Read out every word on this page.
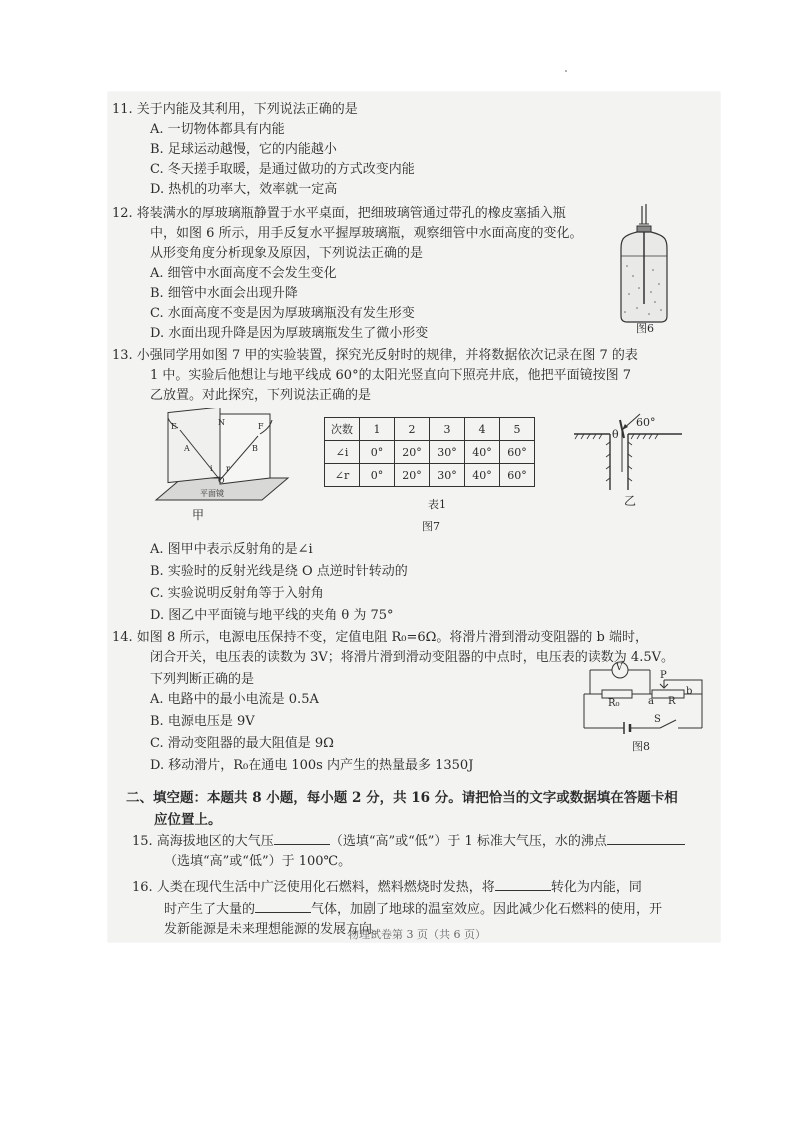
11. 关于内能及其利用，下列说法正确的是
A. 一切物体都具有内能
B. 足球运动越慢，它的内能越小
C. 冬天搓手取暖，是通过做功的方式改变内能
D. 热机的功率大，效率就一定高
12. 将装满水的厚玻璃瓶静置于水平桌面，把细玻璃管通过带孔的橡皮塞插入瓶
中，如图 6 所示，用手反复水平握厚玻璃瓶，观察细管中水面高度的变化。
从形变角度分析现象及原因，下列说法正确的是
A. 细管中水面高度不会发生变化
B. 细管中水面会出现升降
C. 水面高度不变是因为厚玻璃瓶没有发生形变
D. 水面出现升降是因为厚玻璃瓶发生了微小形变	图6
13. 小强同学用如图 7 甲的实验装置，探究光反射时的规律，并将数据依次记录在图 7 的表
1 中。实验后他想让与地平线成 60°的太阳光竖直向下照亮井底，他把平面镜按图 7
乙放置。对此探究，下列说法正确的是
E	N	F
A	B
O
i r
平面镜
甲
次数	1	2	3	4	5
∠i	0°	20°	30°	40°	60°
∠r	0°	20°	30°	40°	60°
表1
图7
60°
θ
乙
A. 图甲中表示反射角的是∠i
B. 实验时的反射光线是绕 O 点逆时针转动的
C. 实验说明反射角等于入射角
D. 图乙中平面镜与地平线的夹角 θ 为 75°
14. 如图 8 所示，电源电压保持不变，定值电阻 R₀=6Ω。将滑片滑到滑动变阻器的 b 端时，
闭合开关，电压表的读数为 3V；将滑片滑到滑动变阻器的中点时，电压表的读数为 4.5V。
下列判断正确的是
A. 电路中的最小电流是 0.5A
B. 电源电压是 9V
C. 滑动变阻器的最大阻值是 9Ω
D. 移动滑片，R₀在通电 100s 内产生的热量最多 1350J
V
P
a R
b
R₀
S
图8
二、填空题：本题共 8 小题，每小题 2 分，共 16 分。请把恰当的文字或数据填在答题卡相
应位置上。
15. 高海拔地区的大气压	（选填“高”或“低”）于 1 标准大气压，水的沸点
（选填“高”或“低”）于 100℃。
16. 人类在现代生活中广泛使用化石燃料，燃料燃烧时发热，将	转化为内能，同
时产生了大量的	气体，加剧了地球的温室效应。因此减少化石燃料的使用，开
发新能源是未来理想能源的发展方向。
物理试卷第 3 页（共 6 页）
